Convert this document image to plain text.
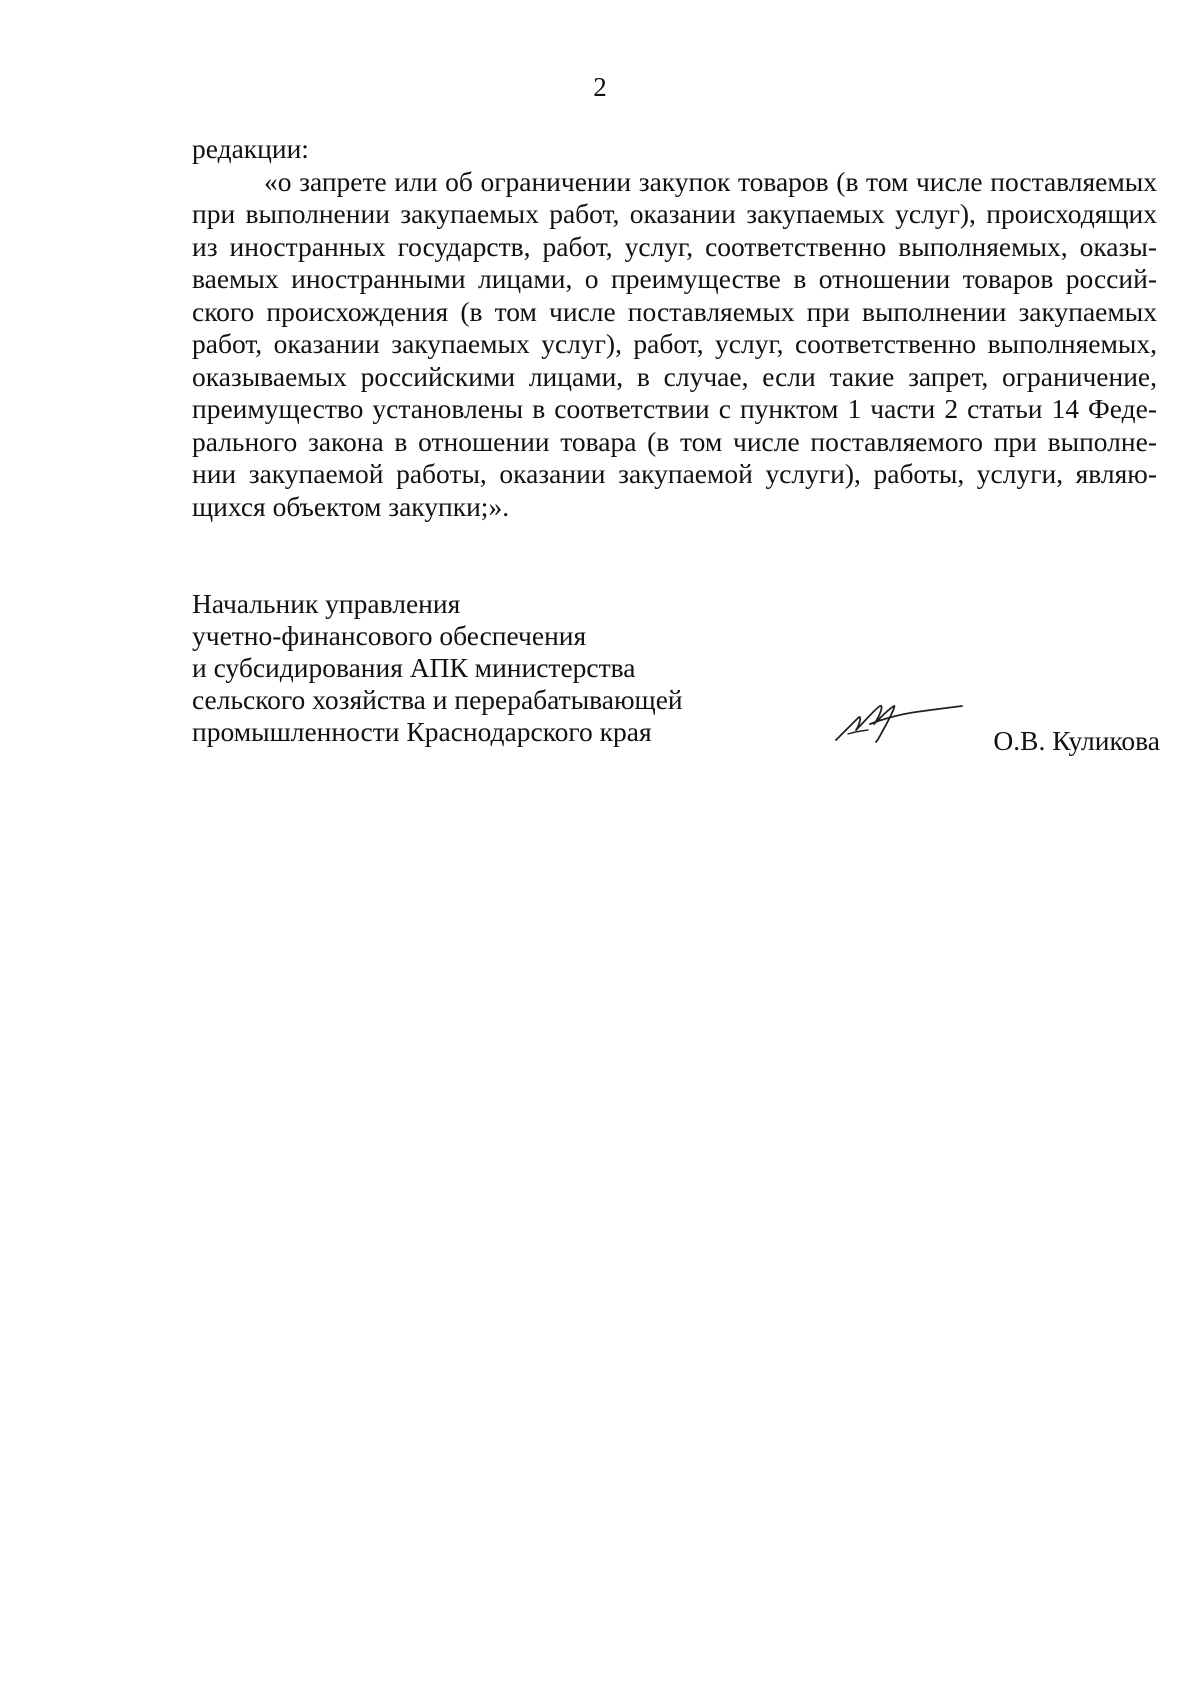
2
редакции:
«о запрете или об ограничении закупок товаров (в том числе поставляемых
при выполнении закупаемых работ, оказании закупаемых услуг), происходящих
из иностранных государств, работ, услуг, соответственно выполняемых, оказы-
ваемых иностранными лицами, о преимуществе в отношении товаров россий-
ского происхождения (в том числе поставляемых при выполнении закупаемых
работ, оказании закупаемых услуг), работ, услуг, соответственно выполняемых,
оказываемых российскими лицами, в случае, если такие запрет, ограничение,
преимущество установлены в соответствии с пунктом 1 части 2 статьи 14 Феде-
рального закона в отношении товара (в том числе поставляемого при выполне-
нии закупаемой работы, оказании закупаемой услуги), работы, услуги, являю-
щихся объектом закупки;».
Начальник управления
учетно-финансового обеспечения
и субсидирования АПК министерства
сельского хозяйства и перерабатывающей
промышленности Краснодарского края	О.В. Куликова
